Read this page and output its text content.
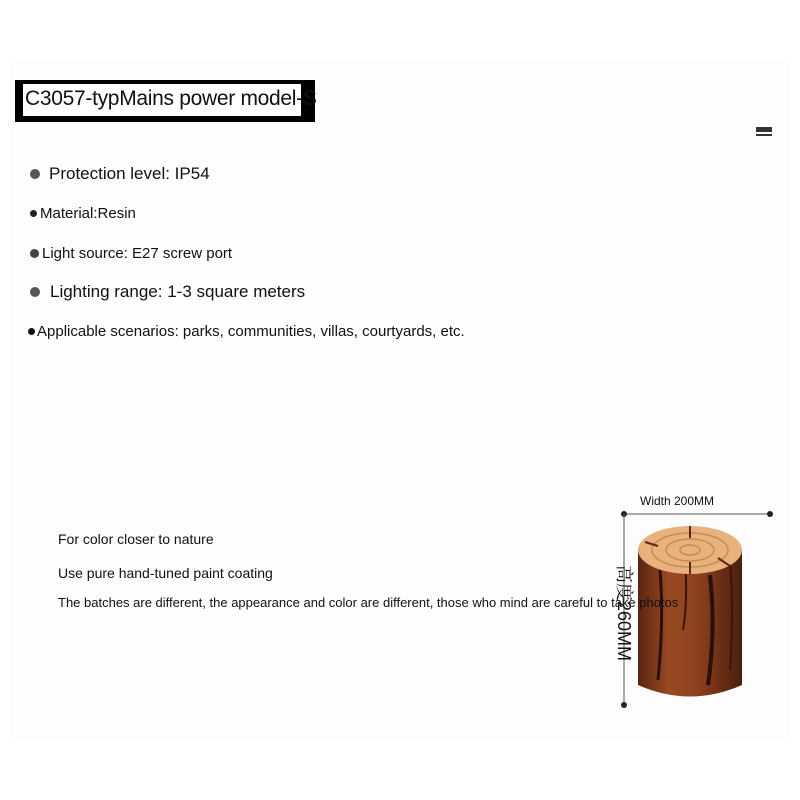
C3057-typMains power model-S
Protection level: IP54
Material:Resin
Light source: E27 screw port
Lighting range: 1-3 square meters
Applicable scenarios: parks, communities, villas, courtyards, etc.
For color closer to nature
Use pure hand-tuned paint coating
The batches are different, the appearance and color are different, those who mind are careful to take photos
Width 200MM
高度260MM
